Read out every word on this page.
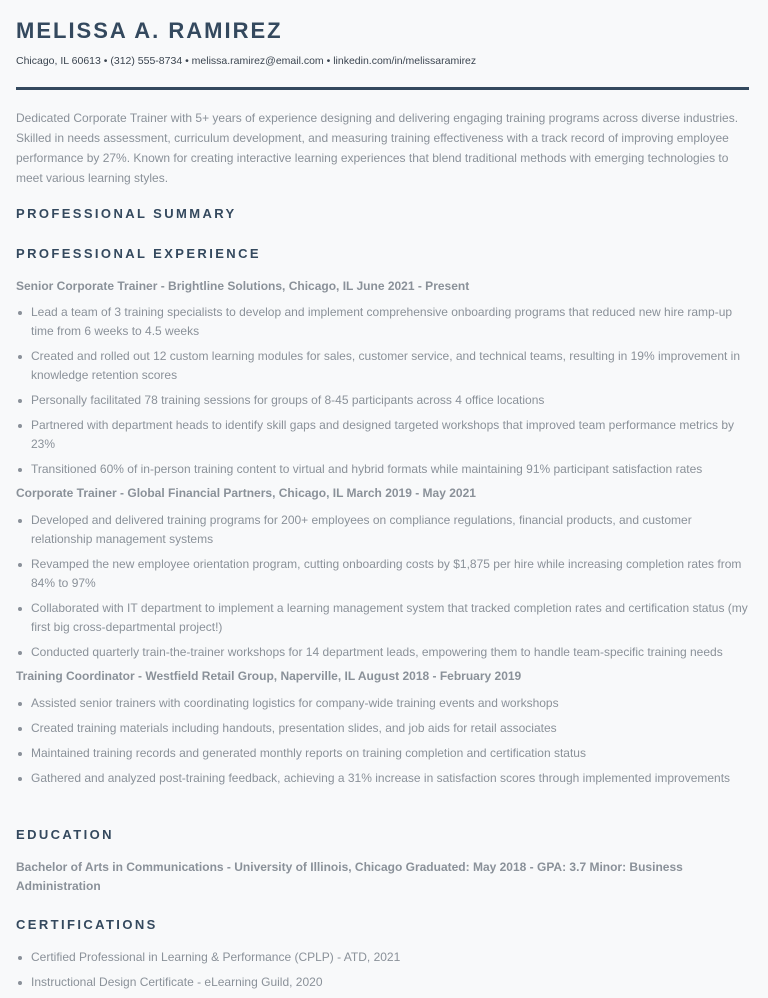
MELISSA A. RAMIREZ
Chicago, IL 60613 • (312) 555-8734 • melissa.ramirez@email.com • linkedin.com/in/melissaramirez

Dedicated Corporate Trainer with 5+ years of experience designing and delivering engaging training programs across diverse industries. Skilled in needs assessment, curriculum development, and measuring training effectiveness with a track record of improving employee performance by 27%. Known for creating interactive learning experiences that blend traditional methods with emerging technologies to meet various learning styles.

PROFESSIONAL SUMMARY
PROFESSIONAL EXPERIENCE
Senior Corporate Trainer - Brightline Solutions, Chicago, IL June 2021 - Present
Lead a team of 3 training specialists to develop and implement comprehensive onboarding programs that reduced new hire ramp-up time from 6 weeks to 4.5 weeks
Created and rolled out 12 custom learning modules for sales, customer service, and technical teams, resulting in 19% improvement in knowledge retention scores
Personally facilitated 78 training sessions for groups of 8-45 participants across 4 office locations
Partnered with department heads to identify skill gaps and designed targeted workshops that improved team performance metrics by 23%
Transitioned 60% of in-person training content to virtual and hybrid formats while maintaining 91% participant satisfaction rates
Corporate Trainer - Global Financial Partners, Chicago, IL March 2019 - May 2021
Developed and delivered training programs for 200+ employees on compliance regulations, financial products, and customer relationship management systems
Revamped the new employee orientation program, cutting onboarding costs by $1,875 per hire while increasing completion rates from 84% to 97%
Collaborated with IT department to implement a learning management system that tracked completion rates and certification status (my first big cross-departmental project!)
Conducted quarterly train-the-trainer workshops for 14 department leads, empowering them to handle team-specific training needs
Training Coordinator - Westfield Retail Group, Naperville, IL August 2018 - February 2019
Assisted senior trainers with coordinating logistics for company-wide training events and workshops
Created training materials including handouts, presentation slides, and job aids for retail associates
Maintained training records and generated monthly reports on training completion and certification status
Gathered and analyzed post-training feedback, achieving a 31% increase in satisfaction scores through implemented improvements
EDUCATION

Bachelor of Arts in Communications - University of Illinois, Chicago Graduated: May 2018 - GPA: 3.7 Minor: Business Administration

CERTIFICATIONS
Certified Professional in Learning & Performance (CPLP) - ATD, 2021
Instructional Design Certificate - eLearning Guild, 2020
